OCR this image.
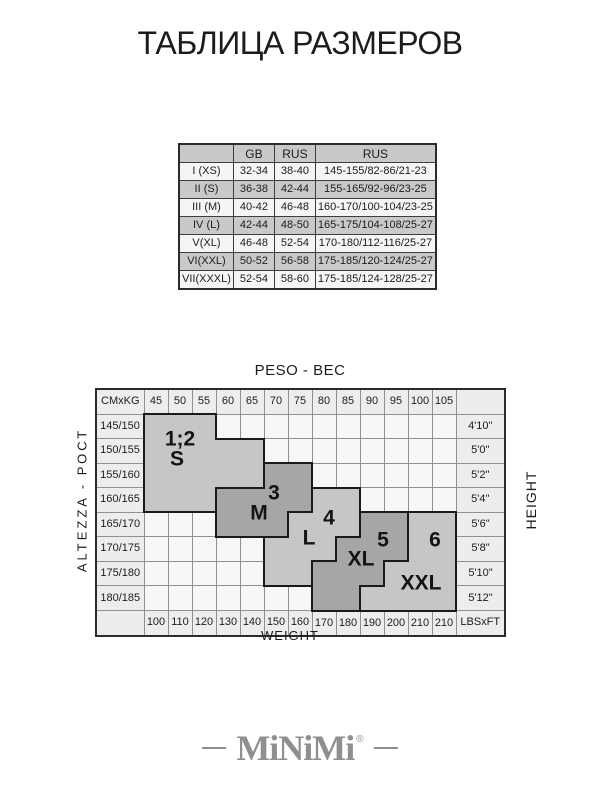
ТАБЛИЦА РАЗМЕРОВ
	GB	RUS	RUS
I (XS)	32-34	38-40	145-155/82-86/21-23
II (S)	36-38	42-44	155-165/92-96/23-25
III (M)	40-42	46-48	160-170/100-104/23-25
IV (L)	42-44	48-50	165-175/104-108/25-27
V(XL)	46-48	52-54	170-180/112-116/25-27
VI(XXL)	50-52	56-58	175-185/120-124/25-27
VII(XXXL)	52-54	58-60	175-185/124-128/25-27
PESO - ВЕС
CMxKG	45	50	55	60	65	70	75	80	85	90	95	100	105	
145/150														4'10"
150/155														5'0"
155/160														5'2"
160/165														5'4"
165/170														5'6"
170/175														5'8"
175/180														5'10"
180/185														5'12"
	100	110	120	130	140	150	160	170	180	190	200	210	210	LBSxFT
1;2
S
3
M	4
L	5
XL
6
XXL
ALTEZZA - РОСТ	HEIGHT
WEIGHT
MiNiMi ®
